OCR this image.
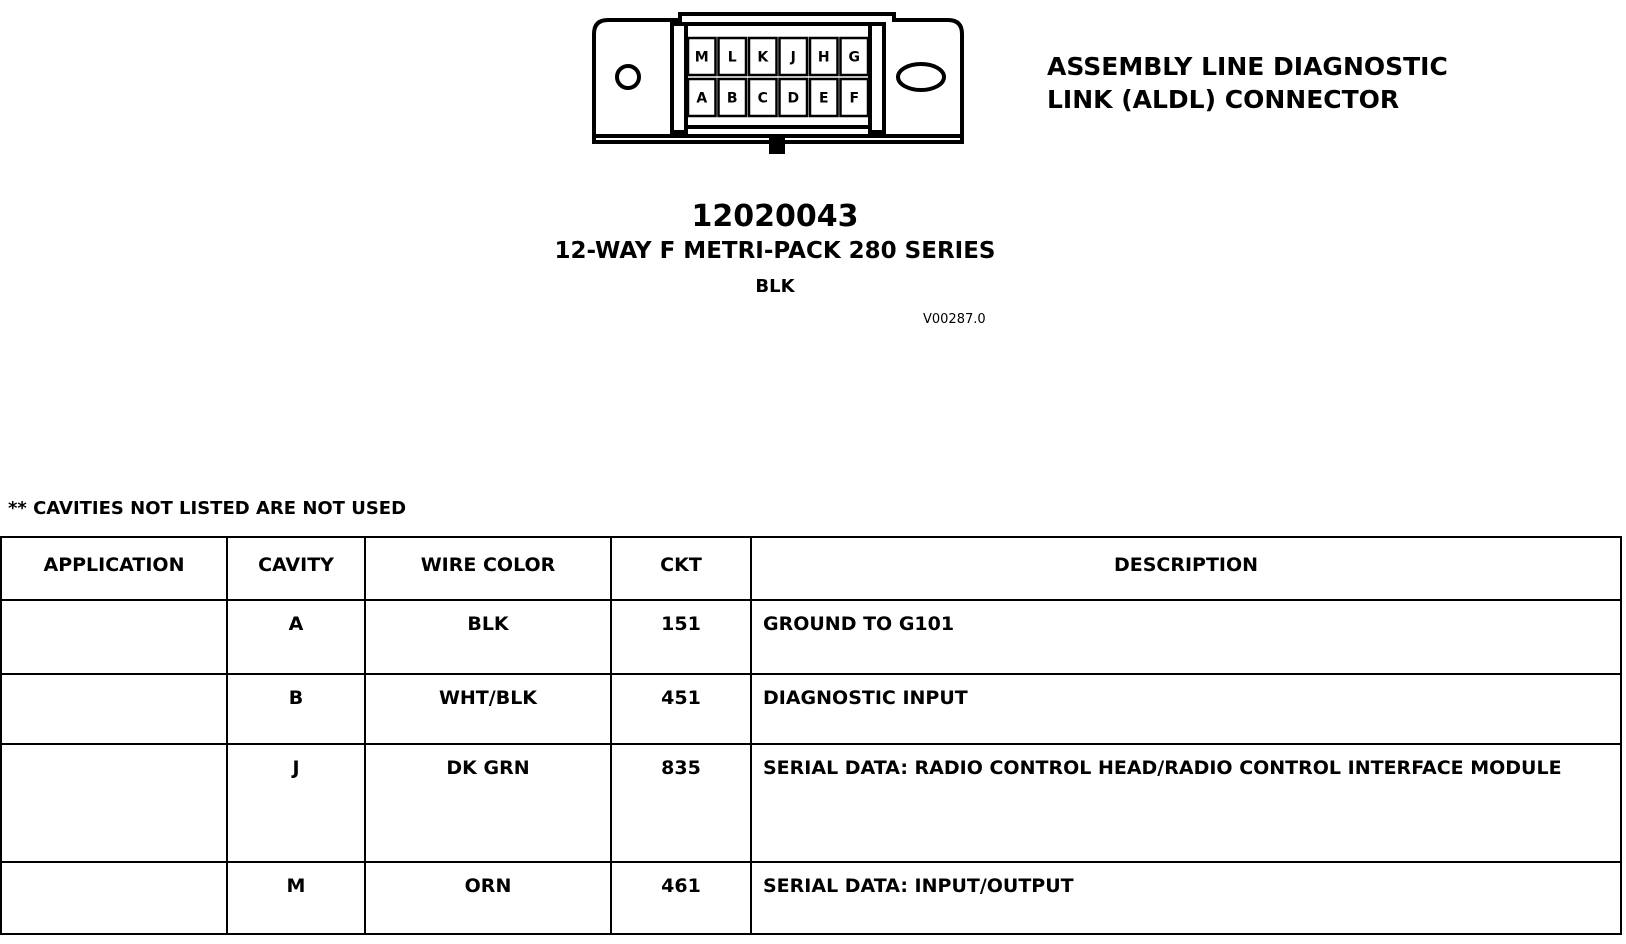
M L K J H G
A B C D E F
ASSEMBLY LINE DIAGNOSTIC
LINK (ALDL) CONNECTOR
12020043
12-WAY F METRI-PACK 280 SERIES
BLK
V00287.0
** CAVITIES NOT LISTED ARE NOT USED
APPLICATION	CAVITY	WIRE COLOR	CKT	DESCRIPTION
	A	BLK	151	GROUND TO G101
	B	WHT/BLK	451	DIAGNOSTIC INPUT
	J	DK GRN	835	SERIAL DATA: RADIO CONTROL HEAD/RADIO CONTROL INTERFACE MODULE
	M	ORN	461	SERIAL DATA: INPUT/OUTPUT
